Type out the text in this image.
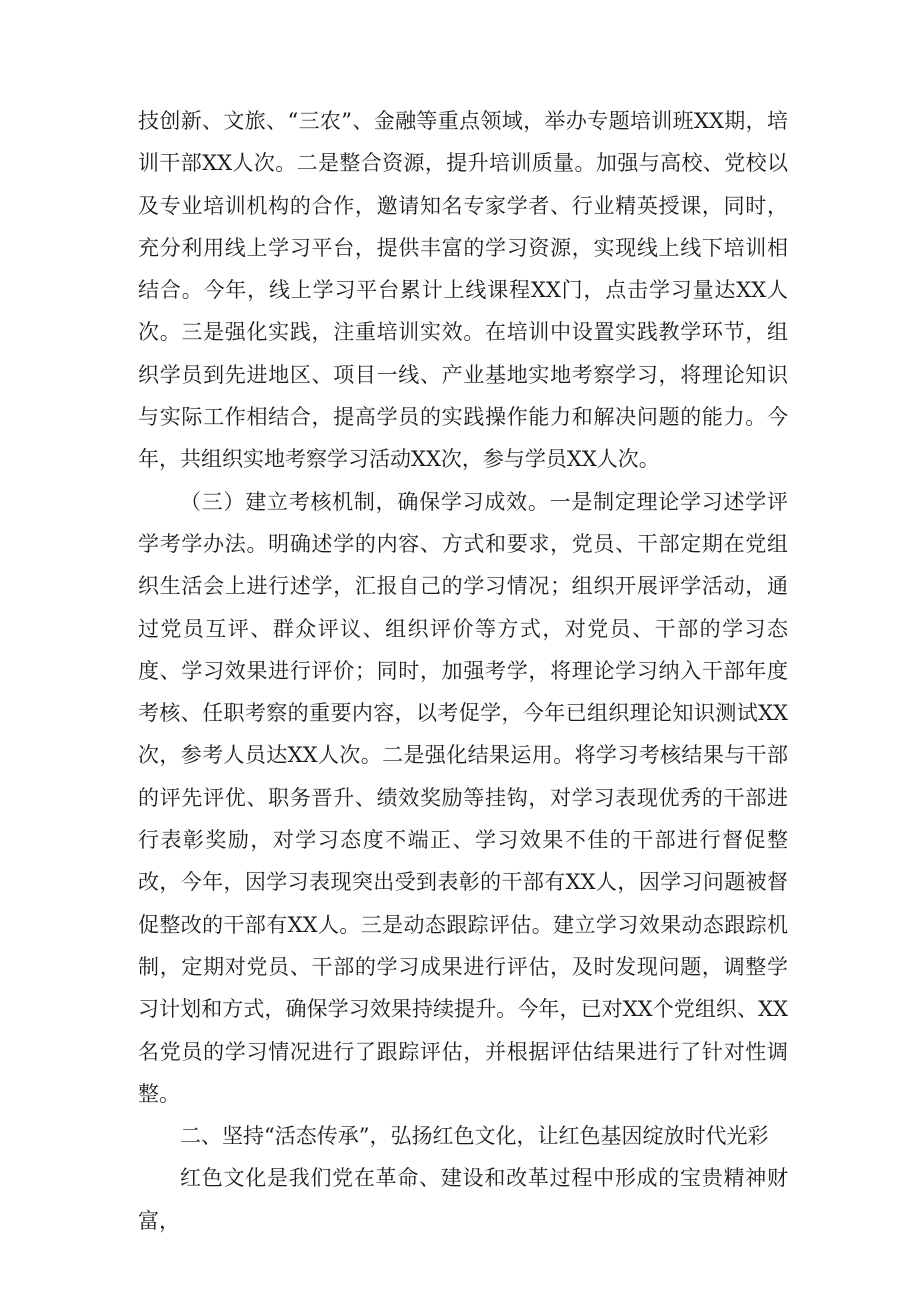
技创新、文旅、“三农”、金融等重点领域，举办专题培训班XX期，培训干部XX人次。二是整合资源，提升培训质量。加强与高校、党校以及专业培训机构的合作，邀请知名专家学者、行业精英授课，同时，充分利用线上学习平台，提供丰富的学习资源，实现线上线下培训相结合。今年，线上学习平台累计上线课程XX门，点击学习量达XX人次。三是强化实践，注重培训实效。在培训中设置实践教学环节，组织学员到先进地区、项目一线、产业基地实地考察学习，将理论知识与实际工作相结合，提高学员的实践操作能力和解决问题的能力。今年，共组织实地考察学习活动XX次，参与学员XX人次。

（三）建立考核机制，确保学习成效。一是制定理论学习述学评学考学办法。明确述学的内容、方式和要求，党员、干部定期在党组织生活会上进行述学，汇报自己的学习情况；组织开展评学活动，通过党员互评、群众评议、组织评价等方式，对党员、干部的学习态度、学习效果进行评价；同时，加强考学，将理论学习纳入干部年度考核、任职考察的重要内容，以考促学，今年已组织理论知识测试XX次，参考人员达XX人次。二是强化结果运用。将学习考核结果与干部的评先评优、职务晋升、绩效奖励等挂钩，对学习表现优秀的干部进行表彰奖励，对学习态度不端正、学习效果不佳的干部进行督促整改，今年，因学习表现突出受到表彰的干部有XX人，因学习问题被督促整改的干部有XX人。三是动态跟踪评估。建立学习效果动态跟踪机制，定期对党员、干部的学习成果进行评估，及时发现问题，调整学习计划和方式，确保学习效果持续提升。今年，已对XX个党组织、XX名党员的学习情况进行了跟踪评估，并根据评估结果进行了针对性调整。

二、坚持“活态传承”，弘扬红色文化，让红色基因绽放时代光彩

红色文化是我们党在革命、建设和改革过程中形成的宝贵精神财富，
